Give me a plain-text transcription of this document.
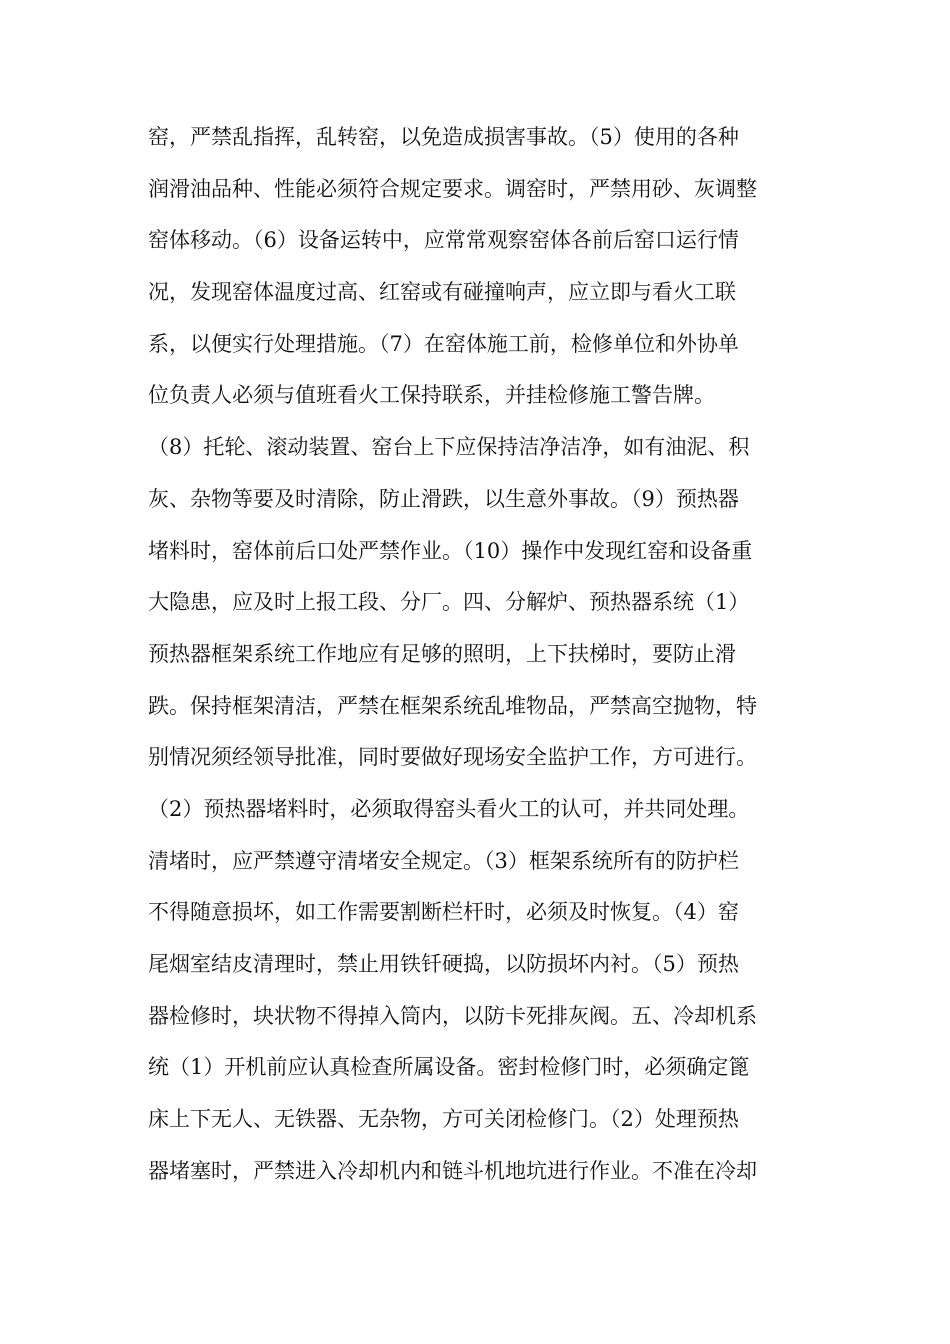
窑，严禁乱指挥，乱转窑，以免造成损害事故。（5）使用的各种
润滑油品种、性能必须符合规定要求。调窑时，严禁用砂、灰调整
窑体移动。（6）设备运转中，应常常观察窑体各前后窑口运行情
况，发现窑体温度过高、红窑或有碰撞响声，应立即与看火工联
系，以便实行处理措施。（7）在窑体施工前，检修单位和外协单
位负责人必须与值班看火工保持联系，并挂检修施工警告牌。
（8）托轮、滚动装置、窑台上下应保持洁净洁净，如有油泥、积
灰、杂物等要及时清除，防止滑跌，以生意外事故。（9）预热器
堵料时，窑体前后口处严禁作业。（10）操作中发现红窑和设备重
大隐患，应及时上报工段、分厂。四、分解炉、预热器系统（1）
预热器框架系统工作地应有足够的照明，上下扶梯时，要防止滑
跌。保持框架清洁，严禁在框架系统乱堆物品，严禁高空抛物，特
别情况须经领导批准，同时要做好现场安全监护工作，方可进行。
（2）预热器堵料时，必须取得窑头看火工的认可，并共同处理。
清堵时，应严禁遵守清堵安全规定。（3）框架系统所有的防护栏
不得随意损坏，如工作需要割断栏杆时，必须及时恢复。（4）窑
尾烟室结皮清理时，禁止用铁钎硬捣，以防损坏内衬。（5）预热
器检修时，块状物不得掉入筒内，以防卡死排灰阀。五、冷却机系
统（1）开机前应认真检查所属设备。密封检修门时，必须确定篦
床上下无人、无铁器、无杂物，方可关闭检修门。（2）处理预热
器堵塞时，严禁进入冷却机内和链斗机地坑进行作业。不准在冷却
